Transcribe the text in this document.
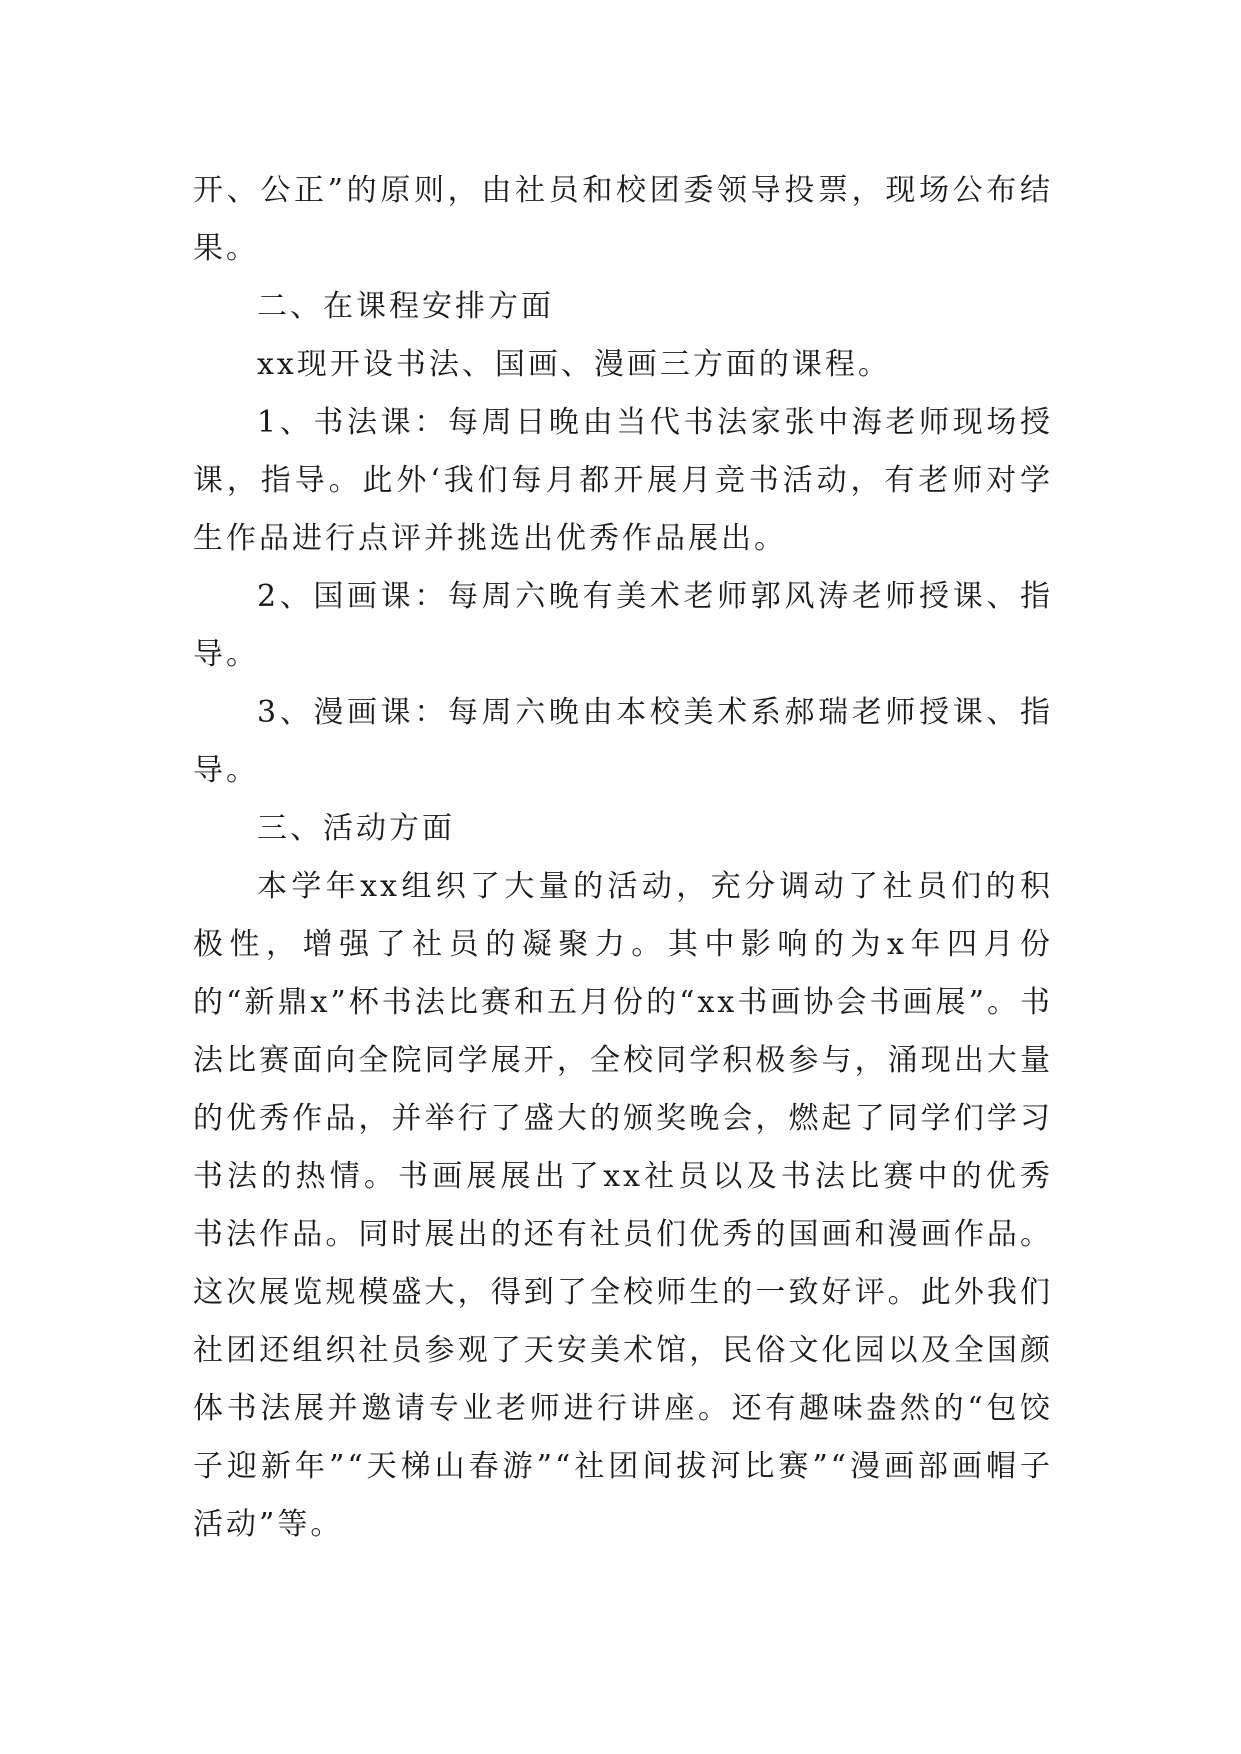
开、公正”的原则，由社员和校团委领导投票，现场公布结果。

二、在课程安排方面

xx现开设书法、国画、漫画三方面的课程。

1、书法课：每周日晚由当代书法家张中海老师现场授课，指导。此外‘我们每月都开展月竞书活动，有老师对学生作品进行点评并挑选出优秀作品展出。

2、国画课：每周六晚有美术老师郭风涛老师授课、指导。

3、漫画课：每周六晚由本校美术系郝瑞老师授课、指导。

三、活动方面

本学年xx组织了大量的活动，充分调动了社员们的积极性，增强了社员的凝聚力。其中影响的为x年四月份的“新鼎x”杯书法比赛和五月份的“xx书画协会书画展”。书法比赛面向全院同学展开，全校同学积极参与，涌现出大量的优秀作品，并举行了盛大的颁奖晚会，燃起了同学们学习书法的热情。书画展展出了xx社员以及书法比赛中的优秀书法作品。同时展出的还有社员们优秀的国画和漫画作品。这次展览规模盛大，得到了全校师生的一致好评。此外我们社团还组织社员参观了天安美术馆，民俗文化园以及全国颜体书法展并邀请专业老师进行讲座。还有趣味盎然的“包饺子迎新年”“天梯山春游”“社团间拔河比赛”“漫画部画帽子活动”等。
